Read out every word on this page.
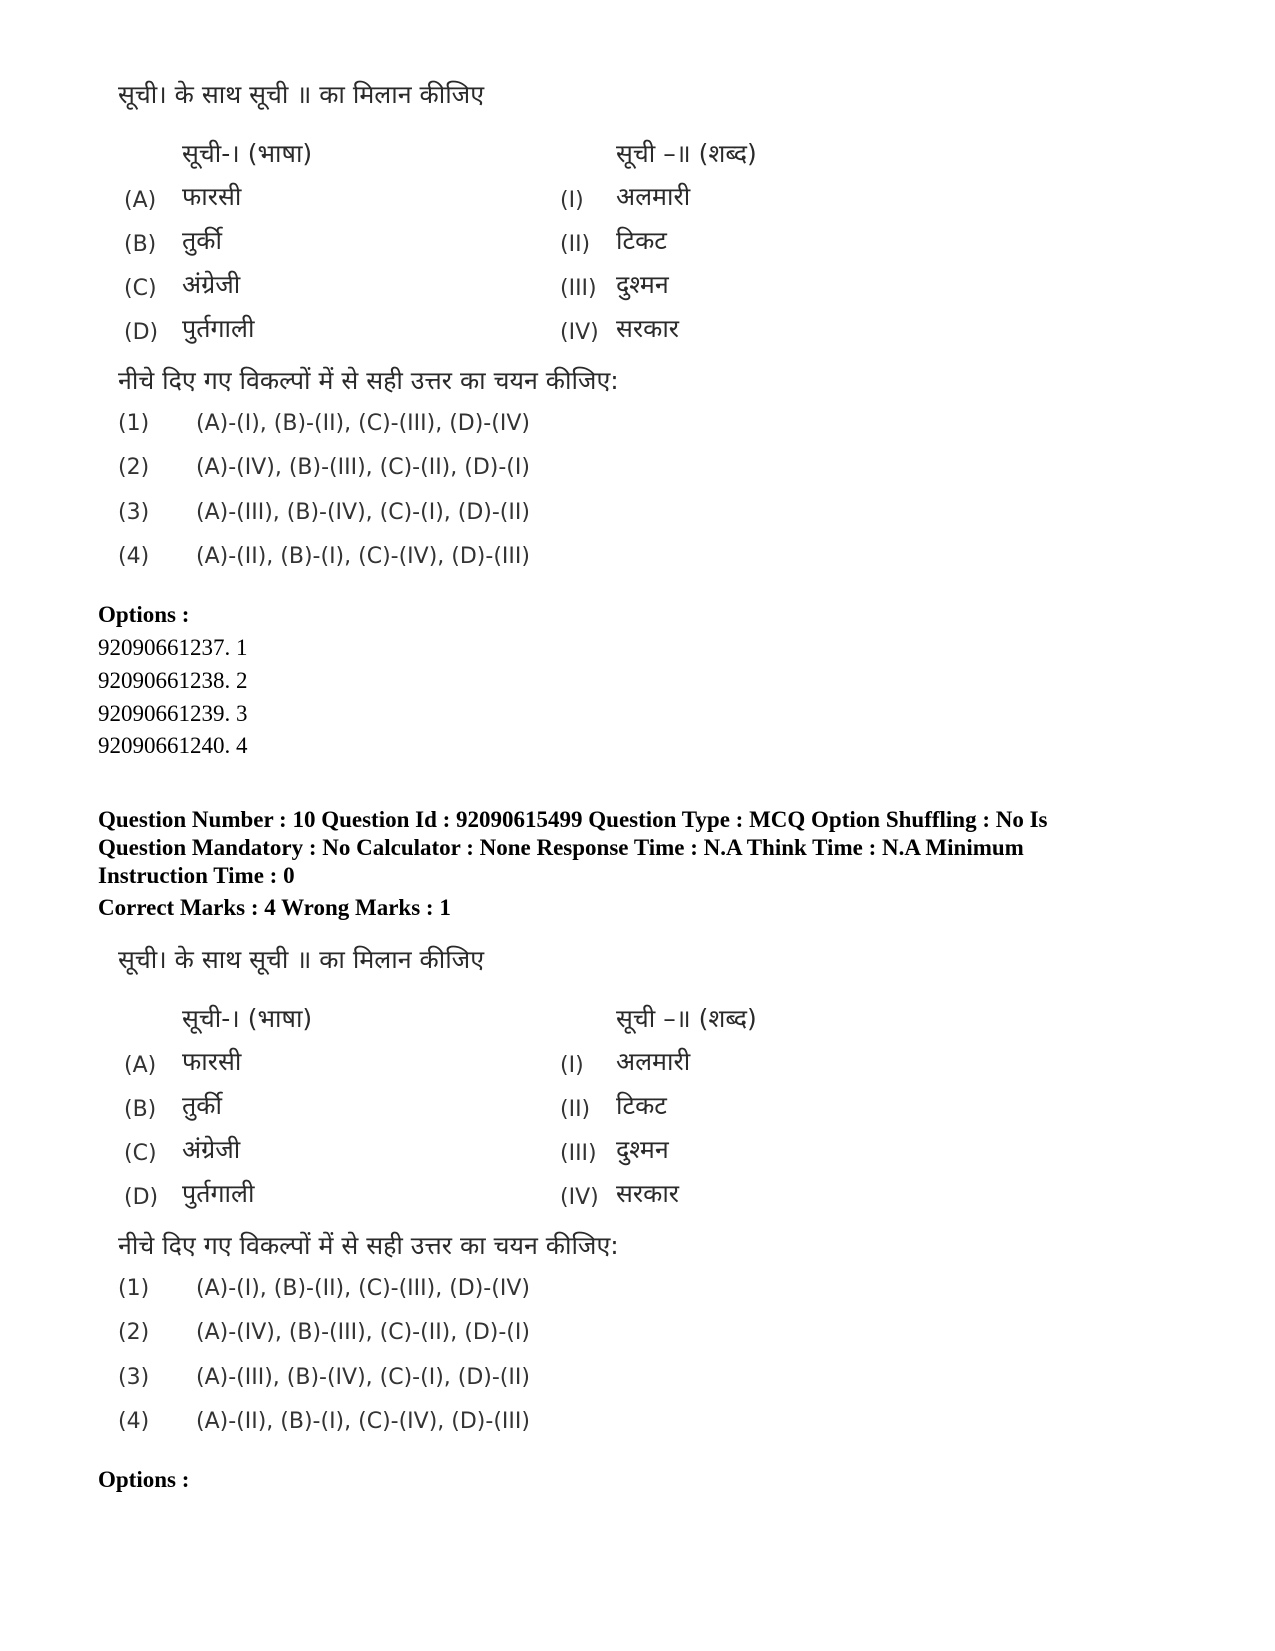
सूची। के साथ सूची ॥ का मिलान कीजिए
सूची-। (भाषा)	सूची –॥ (शब्द)
(A) फारसी	(I) अलमारी
(B) तुर्की	(II) टिकट
(C) अंग्रेजी	(III) दुश्मन
(D) पुर्तगाली	(IV) सरकार
नीचे दिए गए विकल्पों में से सही उत्तर का चयन कीजिए:
(1) (A)-(I), (B)-(II), (C)-(III), (D)-(IV)
(2) (A)-(IV), (B)-(III), (C)-(II), (D)-(I)
(3) (A)-(III), (B)-(IV), (C)-(I), (D)-(II)
(4) (A)-(II), (B)-(I), (C)-(IV), (D)-(III)
Options :
92090661237. 1
92090661238. 2
92090661239. 3
92090661240. 4
Question Number : 10 Question Id : 92090615499 Question Type : MCQ Option Shuffling : No Is
Question Mandatory : No Calculator : None Response Time : N.A Think Time : N.A Minimum
Instruction Time : 0
Correct Marks : 4 Wrong Marks : 1
सूची। के साथ सूची ॥ का मिलान कीजिए
सूची-। (भाषा)	सूची –॥ (शब्द)
(A) फारसी	(I) अलमारी
(B) तुर्की	(II) टिकट
(C) अंग्रेजी	(III) दुश्मन
(D) पुर्तगाली	(IV) सरकार
नीचे दिए गए विकल्पों में से सही उत्तर का चयन कीजिए:
(1) (A)-(I), (B)-(II), (C)-(III), (D)-(IV)
(2) (A)-(IV), (B)-(III), (C)-(II), (D)-(I)
(3) (A)-(III), (B)-(IV), (C)-(I), (D)-(II)
(4) (A)-(II), (B)-(I), (C)-(IV), (D)-(III)
Options :
